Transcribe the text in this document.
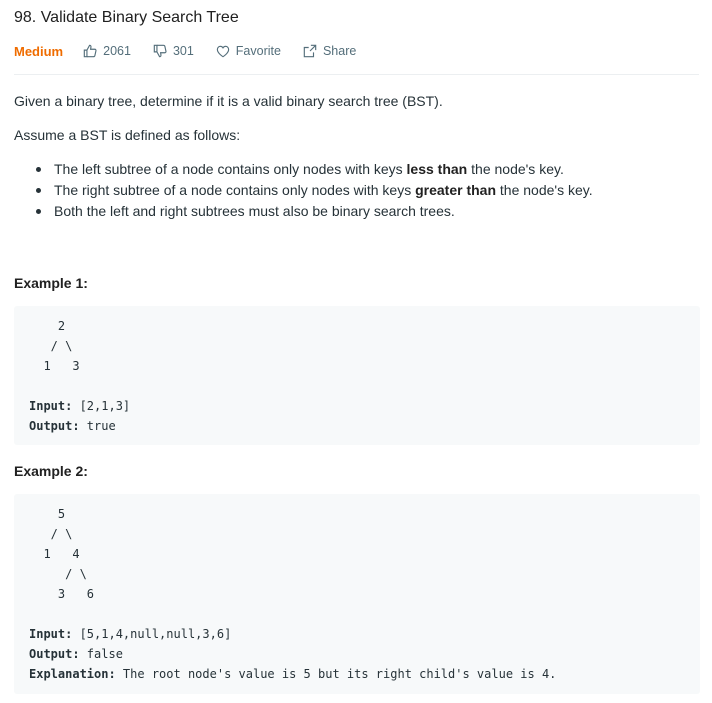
98. Validate Binary Search Tree
Medium	2061	301	Favorite	Share

Given a binary tree, determine if it is a valid binary search tree (BST).

Assume a BST is defined as follows:

The left subtree of a node contains only nodes with keys less than the node's key.
The right subtree of a node contains only nodes with keys greater than the node's key.
Both the left and right subtrees must also be binary search trees.

Example 1:

2
/ \
1   3

Input: [2,1,3]
Output: true

Example 2:

5
/ \
1   4
/ \
3   6

Input: [5,1,4,null,null,3,6]
Output: false
Explanation: The root node's value is 5 but its right child's value is 4.
